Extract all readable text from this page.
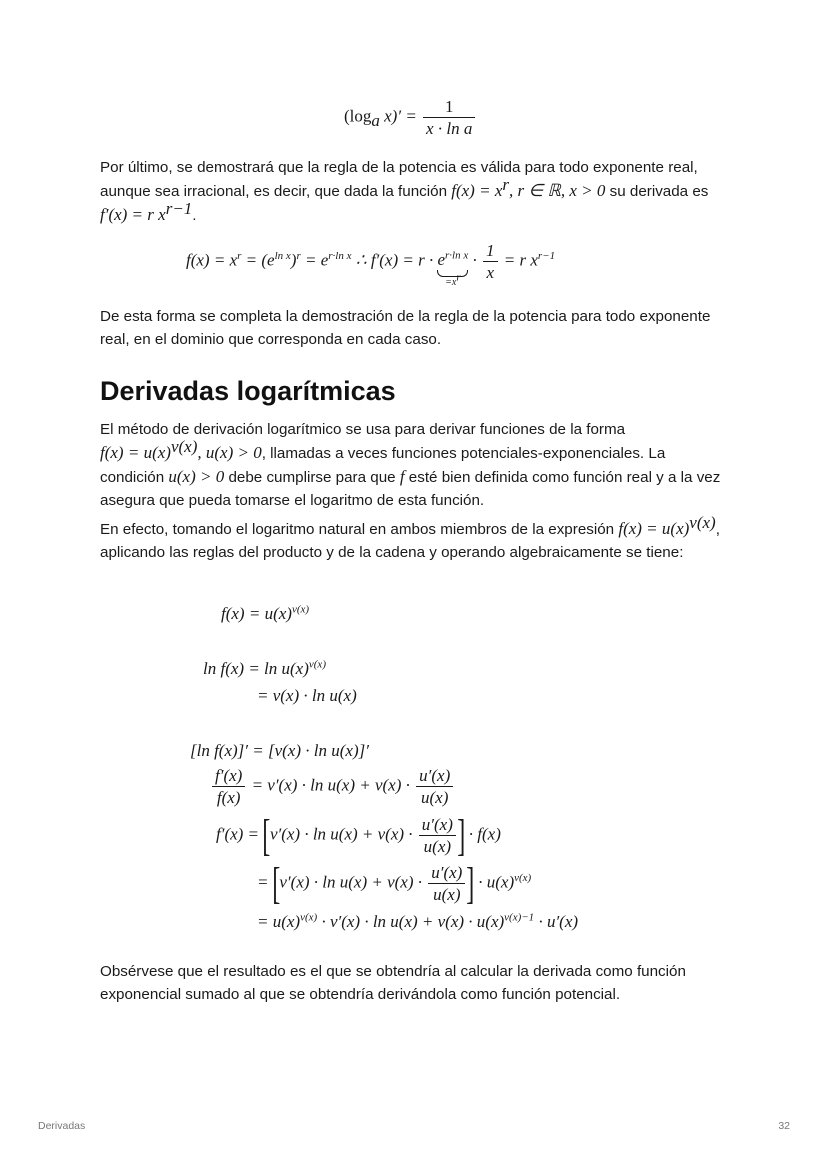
($\log_a$ $x)' = \frac{1}{\text{x · ln a}}$

Por último, se demostrará que la regla de la potencia es válida para todo exponente real, aunque sea irracional, es decir, que dada la función $f(x) = x^r$, r ∈ ℝ, x > 0 su derivada es f′(x) = r $x^{r-1}$.

$f(x) = x^r = (e^{ln x})^r = e^{r\cdot ln x}$ ∴ $f'(x) = r \cdot e^{r\cdot ln x}$
$=x^r$
· $\frac{1}{x} = r$ $x^{r-1}$

De esta forma se completa la demostración de la regla de la potencia para todo exponente real, en el dominio que corresponda en cada caso.

Derivadas logarítmicas

El método de derivación logarítmico se usa para derivar funciones de la forma $f(x) = u(x)^{v(x)}$, u(x) > 0, llamadas a veces funciones potenciales-exponenciales. La condición u(x) > 0 debe cumplirse para que f esté bien definida como función real y a la vez asegura que pueda tomarse el logaritmo de esta función.

En efecto, tomando el logaritmo natural en ambos miembros de la expresión $f(x) = u(x)^{v(x)}$, aplicando las reglas del producto y de la cadena y operando algebraicamente se tiene:

$f(x) = u(x)^{v(x)}$
$\ln f(x) = \ln u(x)^{v(x)}$
= v(x) · ln u(x)
[ln f(x)]′ = [v(x) · ln u(x)]′
$\frac{f'(x)}{f(x)} = v'(x) \cdot \ln u(x) + v(x) \cdot \frac{u'(x)}{u(x)}$
$f'(x) = [v'(x) \cdot \ln u(x) + v(x) \cdot \frac{u'(x)}{u(x)}$ ] · f(x)
= [$v'(x) \cdot \ln u(x) + v(x) \cdot \frac{u'(x)}{u(x)}$ ] · $u(x)^{v(x)}$
= $u(x)^{v(x)} \cdot v'(x) \cdot \ln u(x) + v(x) \cdot u(x)^{v(x)-1} \cdot u'(x)$

Obsérvese que el resultado es el que se obtendría al calcular la derivada como función exponencial sumado al que se obtendría derivándola como función potencial.

Derivadas	32
